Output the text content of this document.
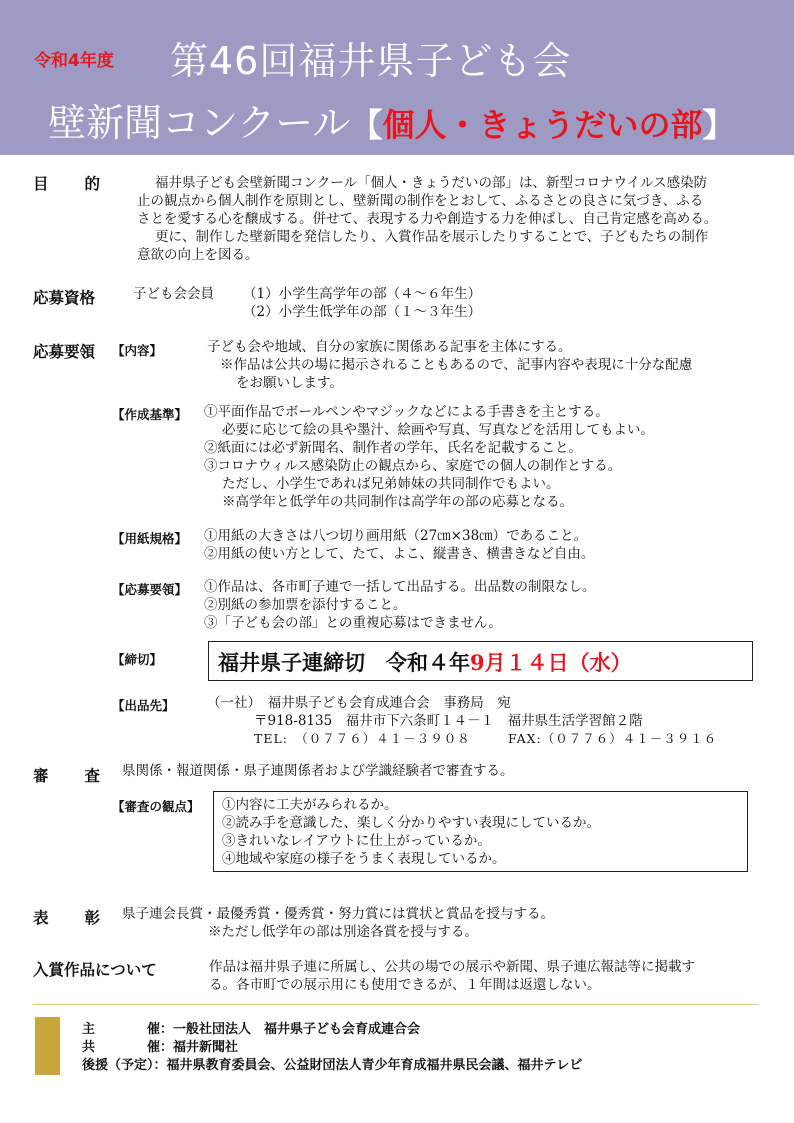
令和4年度 第46回福井県子ども会
壁新聞コンクール【個人・きょうだいの部】
目 的	福井県子ども会壁新聞コンクール「個人・きょうだいの部」は、新型コロナウイルス感染防
止の観点から個人制作を原則とし、壁新聞の制作をとおして、ふるさとの良さに気づき、ふる
さとを愛する心を醸成する。併せて、表現する力や創造する力を伸ばし、自己肯定感を高める。
更に、制作した壁新聞を発信したり、入賞作品を展示したりすることで、子どもたちの制作
意欲の向上を図る。
応募資格	子ども会会員 （1）小学生高学年の部（４～６年生）
（2）小学生低学年の部（１～３年生）
応募要領 【内容】	子ども会や地域、自分の家族に関係ある記事を主体にする。
※作品は公共の場に掲示されることもあるので、記事内容や表現に十分な配慮
をお願いします。
【作成基準】 ①平面作品でボールペンやマジックなどによる手書きを主とする。
必要に応じて絵の具や墨汁、絵画や写真、写真などを活用してもよい。
②紙面には必ず新聞名、制作者の学年、氏名を記載すること。
③コロナウィルス感染防止の観点から、家庭での個人の制作とする。
ただし、小学生であれば兄弟姉妹の共同制作でもよい。
※高学年と低学年の共同制作は高学年の部の応募となる。
【用紙規格】 ①用紙の大きさは八つ切り画用紙（27㎝×38㎝）であること。
②用紙の使い方として、たて、よこ、縦書き、横書きなど自由。
【応募要領】 ①作品は、各市町子連で一括して出品する。出品数の制限なし。
②別紙の参加票を添付すること。
③「子ども会の部」との重複応募はできません。
【締切】	福井県子連締切　令和４年9月１４日（水）
【出品先】 （一社）　福井県子ども会育成連合会　事務局　宛
〒918-8135　福井市下六条町１４－１　福井県生活学習館２階
TEL:　（０７７６）４１－３９０８	FAX:（０７７６）４１－３９１６
審 査 県関係・報道関係・県子連関係者および学識経験者で審査する。
【審査の観点】 ①内容に工夫がみられるか。
②読み手を意識した、楽しく分かりやすい表現にしているか。
③きれいなレイアウトに仕上がっているか。
④地域や家庭の様子をうまく表現しているか。
表 彰 県子連会長賞・最優秀賞・優秀賞・努力賞には賞状と賞品を授与する。
※ただし低学年の部は別途各賞を授与する。
入賞作品について	作品は福井県子連に所属し、公共の場での展示や新聞、県子連広報誌等に掲載す
る。各市町での展示用にも使用できるが、１年間は返還しない。
主　　　　催：一般社団法人　福井県子ども会育成連合会
共　　　　催：福井新聞社
後援（予定）：福井県教育委員会、公益財団法人青少年育成福井県民会議、福井テレビ
